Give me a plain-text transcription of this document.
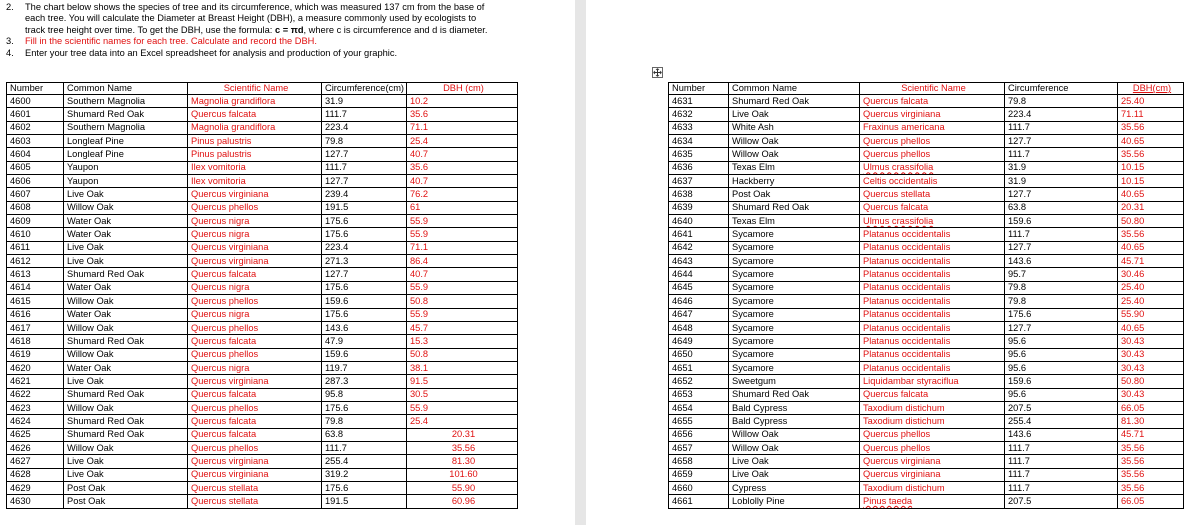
2. The chart below shows the species of tree and its circumference, which was measured 137 cm from the base of
each tree. You will calculate the Diameter at Breast Height (DBH), a measure commonly used by ecologists to
track tree height over time. To get the DBH, use the formula: c = πd, where c is circumference and d is diameter.
3. Fill in the scientific names for each tree. Calculate and record the DBH.
4. Enter your tree data into an Excel spreadsheet for analysis and production of your graphic.
Number	Common Name	Scientific Name	Circumference(cm)	DBH (cm)
4600	Southern Magnolia	Magnolia grandiflora	31.9	10.2
4601	Shumard Red Oak	Quercus falcata	111.7	35.6
4602	Southern Magnolia	Magnolia grandiflora	223.4	71.1
4603	Longleaf Pine	Pinus palustris	79.8	25.4
4604	Longleaf Pine	Pinus palustris	127.7	40.7
4605	Yaupon	Ilex vomitoria	111.7	35.6
4606	Yaupon	Ilex vomitoria	127.7	40.7
4607	Live Oak	Quercus virginiana	239.4	76.2
4608	Willow Oak	Quercus phellos	191.5	61
4609	Water Oak	Quercus nigra	175.6	55.9
4610	Water Oak	Quercus nigra	175.6	55.9
4611	Live Oak	Quercus virginiana	223.4	71.1
4612	Live Oak	Quercus virginiana	271.3	86.4
4613	Shumard Red Oak	Quercus falcata	127.7	40.7
4614	Water Oak	Quercus nigra	175.6	55.9
4615	Willow Oak	Quercus phellos	159.6	50.8
4616	Water Oak	Quercus nigra	175.6	55.9
4617	Willow Oak	Quercus phellos	143.6	45.7
4618	Shumard Red Oak	Quercus falcata	47.9	15.3
4619	Willow Oak	Quercus phellos	159.6	50.8
4620	Water Oak	Quercus nigra	119.7	38.1
4621	Live Oak	Quercus virginiana	287.3	91.5
4622	Shumard Red Oak	Quercus falcata	95.8	30.5
4623	Willow Oak	Quercus phellos	175.6	55.9
4624	Shumard Red Oak	Quercus falcata	79.8	25.4
4625	Shumard Red Oak	Quercus falcata	63.8	20.31
4626	Willow Oak	Quercus phellos	111.7	35.56
4627	Live Oak	Quercus virginiana	255.4	81.30
4628	Live Oak	Quercus virginiana	319.2	101.60
4629	Post Oak	Quercus stellata	175.6	55.90
4630	Post Oak	Quercus stellata	191.5	60.96
Number	Common Name	Scientific Name	Circumference	DBH(cm)
4631	Shumard Red Oak	Quercus falcata	79.8	25.40
4632	Live Oak	Quercus virginiana	223.4	71.11
4633	White Ash	Fraxinus americana	111.7	35.56
4634	Willow Oak	Quercus phellos	127.7	40.65
4635	Willow Oak	Quercus phellos	111.7	35.56
4636	Texas Elm	Ulmus crassifolia	31.9	10.15
4637	Hackberry	Celtis occidentalis	31.9	10.15
4638	Post Oak	Quercus stellata	127.7	40.65
4639	Shumard Red Oak	Quercus falcata	63.8	20.31
4640	Texas Elm	Ulmus crassifolia	159.6	50.80
4641	Sycamore	Platanus occidentalis	111.7	35.56
4642	Sycamore	Platanus occidentalis	127.7	40.65
4643	Sycamore	Platanus occidentalis	143.6	45.71
4644	Sycamore	Platanus occidentalis	95.7	30.46
4645	Sycamore	Platanus occidentalis	79.8	25.40
4646	Sycamore	Platanus occidentalis	79.8	25.40
4647	Sycamore	Platanus occidentalis	175.6	55.90
4648	Sycamore	Platanus occidentalis	127.7	40.65
4649	Sycamore	Platanus occidentalis	95.6	30.43
4650	Sycamore	Platanus occidentalis	95.6	30.43
4651	Sycamore	Platanus occidentalis	95.6	30.43
4652	Sweetgum	Liquidambar styraciflua	159.6	50.80
4653	Shumard Red Oak	Quercus falcata	95.6	30.43
4654	Bald Cypress	Taxodium distichum	207.5	66.05
4655	Bald Cypress	Taxodium distichum	255.4	81.30
4656	Willow Oak	Quercus phellos	143.6	45.71
4657	Willow Oak	Quercus phellos	111.7	35.56
4658	Live Oak	Quercus virginiana	111.7	35.56
4659	Live Oak	Quercus virginiana	111.7	35.56
4660	Cypress	Taxodium distichum	111.7	35.56
4661	Loblolly Pine	Pinus taeda	207.5	66.05
